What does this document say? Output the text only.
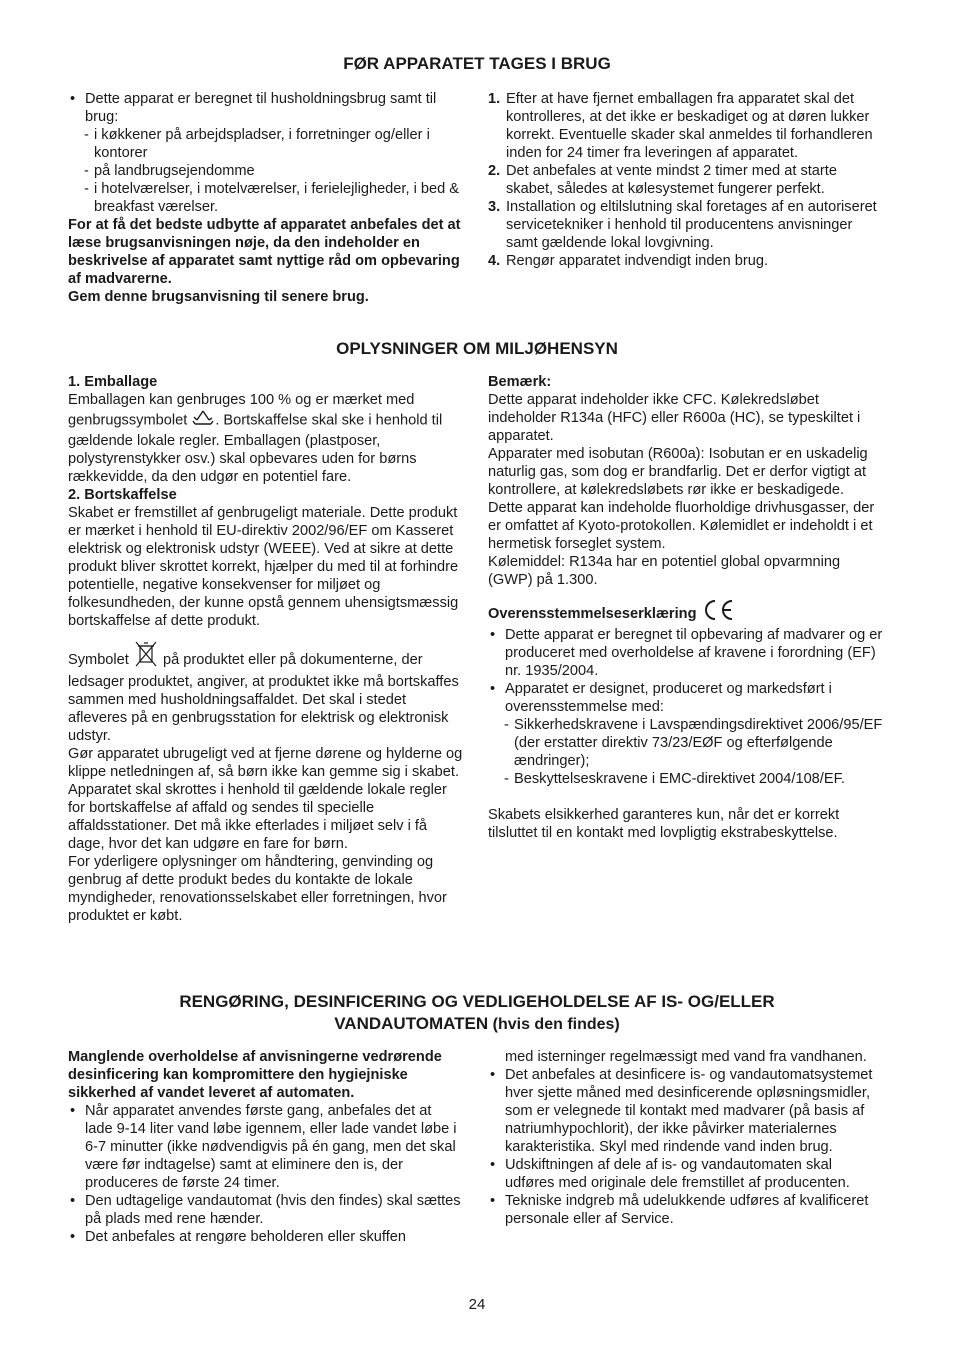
FØR APPARATET TAGES I BRUG
• Dette apparat er beregnet til husholdningsbrug samt til brug:
- i køkkener på arbejdspladser, i forretninger og/eller i kontorer
- på landbrugsejendomme
- i hotelværelser, i motelværelser, i ferielejligheder, i bed & breakfast værelser.

For at få det bedste udbytte af apparatet anbefales det at læse brugsanvisningen nøje, da den indeholder en beskrivelse af apparatet samt nyttige råd om opbevaring af madvarerne.

Gem denne brugsanvisning til senere brug.

1. Efter at have fjernet emballagen fra apparatet skal det kontrolleres, at det ikke er beskadiget og at døren lukker korrekt. Eventuelle skader skal anmeldes til forhandleren inden for 24 timer fra leveringen af apparatet.
2. Det anbefales at vente mindst 2 timer med at starte skabet, således at kølesystemet fungerer perfekt.
3. Installation og eltilslutning skal foretages af en autoriseret servicetekniker i henhold til producentens anvisninger samt gældende lokal lovgivning.
4. Rengør apparatet indvendigt inden brug.
OPLYSNINGER OM MILJØHENSYN

1. Emballage

Emballagen kan genbruges 100 % og er mærket med genbrugssymbolet . Bortskaffelse skal ske i henhold til gældende lokale regler. Emballagen (plastposer, polystyrenstykker osv.) skal opbevares uden for børns rækkevidde, da den udgør en potentiel fare.

2. Bortskaffelse

Skabet er fremstillet af genbrugeligt materiale. Dette produkt er mærket i henhold til EU-direktiv 2002/96/EF om Kasseret elektrisk og elektronisk udstyr (WEEE). Ved at sikre at dette produkt bliver skrottet korrekt, hjælper du med til at forhindre potentielle, negative konsekvenser for miljøet og folkesundheden, der kunne opstå gennem uhensigtsmæssig bortskaffelse af dette produkt.

Symbolet på produktet eller på dokumenterne, der ledsager produktet, angiver, at produktet ikke må bortskaffes sammen med husholdningsaffaldet. Det skal i stedet afleveres på en genbrugsstation for elektrisk og elektronisk udstyr.

Gør apparatet ubrugeligt ved at fjerne dørene og hylderne og klippe netledningen af, så børn ikke kan gemme sig i skabet.

Apparatet skal skrottes i henhold til gældende lokale regler for bortskaffelse af affald og sendes til specielle affaldsstationer. Det må ikke efterlades i miljøet selv i få dage, hvor det kan udgøre en fare for børn.

For yderligere oplysninger om håndtering, genvinding og genbrug af dette produkt bedes du kontakte de lokale myndigheder, renovationsselskabet eller forretningen, hvor produktet er købt.

Bemærk:

Dette apparat indeholder ikke CFC. Kølekredsløbet indeholder R134a (HFC) eller R600a (HC), se typeskiltet i apparatet.

Apparater med isobutan (R600a): Isobutan er en uskadelig naturlig gas, som dog er brandfarlig. Det er derfor vigtigt at kontrollere, at kølekredsløbets rør ikke er beskadigede.

Dette apparat kan indeholde fluorholdige drivhusgasser, der er omfattet af Kyoto-protokollen. Kølemidlet er indeholdt i et hermetisk forseglet system.

Kølemiddel: R134a har en potentiel global opvarmning (GWP) på 1.300.

Overensstemmelseserklæring

• Dette apparat er beregnet til opbevaring af madvarer og er produceret med overholdelse af kravene i forordning (EF) nr. 1935/2004.
• Apparatet er designet, produceret og markedsført i overensstemmelse med:
- Sikkerhedskravene i Lavspændingsdirektivet 2006/95/EF (der erstatter direktiv 73/23/EØF og efterfølgende ændringer);
- Beskyttelseskravene i EMC-direktivet 2004/108/EF.

Skabets elsikkerhed garanteres kun, når det er korrekt tilsluttet til en kontakt med lovpligtig ekstrabeskyttelse.

RENGØRING, DESINFICERING OG VEDLIGEHOLDELSE AF IS- OG/ELLER
VANDAUTOMATEN (hvis den findes)

Manglende overholdelse af anvisningerne vedrørende desinficering kan kompromittere den hygiejniske sikkerhed af vandet leveret af automaten.

• Når apparatet anvendes første gang, anbefales det at lade 9-14 liter vand løbe igennem, eller lade vandet løbe i 6-7 minutter (ikke nødvendigvis på én gang, men det skal være før indtagelse) samt at eliminere den is, der produceres de første 24 timer.
• Den udtagelige vandautomat (hvis den findes) skal sættes på plads med rene hænder.
• Det anbefales at rengøre beholderen eller skuffen

med isterninger regelmæssigt med vand fra vandhanen.

• Det anbefales at desinficere is- og vandautomatsystemet hver sjette måned med desinficerende opløsningsmidler, som er velegnede til kontakt med madvarer (på basis af natriumhypochlorit), der ikke påvirker materialernes karakteristika. Skyl med rindende vand inden brug.
• Udskiftningen af dele af is- og vandautomaten skal udføres med originale dele fremstillet af producenten.
• Tekniske indgreb må udelukkende udføres af kvalificeret personale eller af Service.
24
